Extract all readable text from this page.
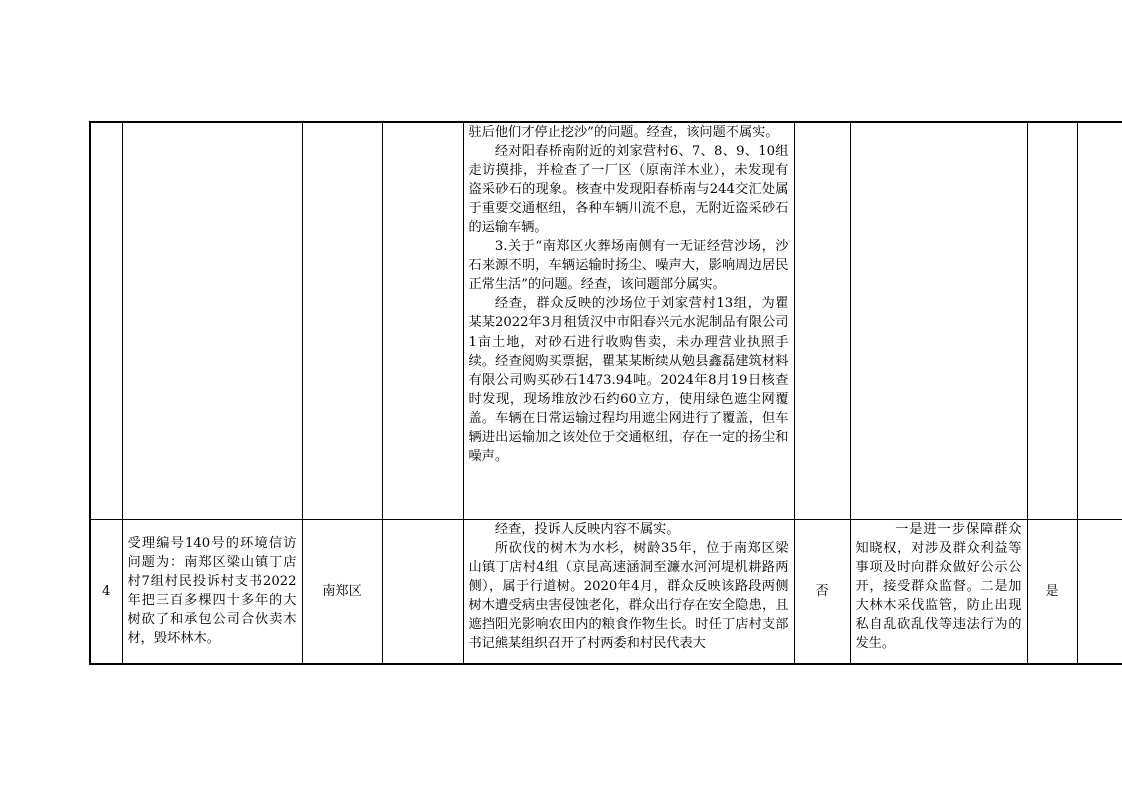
				驻后他们才停止挖沙”的问题。经查，该问题不属实。

经对阳春桥南附近的刘家营村6、7、8、9、10组走访摸排，并检查了一厂区（原南洋木业），未发现有盗采砂石的现象。核查中发现阳春桥南与244交汇处属于重要交通枢纽，各种车辆川流不息，无附近盗采砂石的运输车辆。

3.关于“南郑区火葬场南侧有一无证经营沙场，沙石来源不明，车辆运输时扬尘、噪声大，影响周边居民正常生活”的问题。经查，该问题部分属实。

经查，群众反映的沙场位于刘家营村13组，为瞿某某2022年3月租赁汉中市阳春兴元水泥制品有限公司1亩土地，对砂石进行收购售卖，未办理营业执照手续。经查阅购买票据，瞿某某断续从勉县鑫磊建筑材料有限公司购买砂石1473.94吨。2024年8月19日核查时发现，现场堆放沙石约60立方，使用绿色遮尘网覆盖。车辆在日常运输过程均用遮尘网进行了覆盖，但车辆进出运输加之该处位于交通枢纽，存在一定的扬尘和噪声。				

4	受理编号140号的环境信访问题为：南郑区梁山镇丁店村7组村民投诉村支书2022年把三百多棵四十多年的大树砍了和承包公司合伙卖木材，毁坏林木。	南郑区		经查，投诉人反映内容不属实。

所砍伐的树木为水杉，树龄35年，位于南郑区梁山镇丁店村4组（京昆高速涵洞至濂水河河堤机耕路两侧），属于行道树。2020年4月，群众反映该路段两侧树木遭受病虫害侵蚀老化，群众出行存在安全隐患，且遮挡阳光影响农田内的粮食作物生长。时任丁店村支部书记熊某组织召开了村两委和村民代表大	否	一是进一步保障群众知晓权，对涉及群众利益等事项及时向群众做好公示公开，接受群众监督。二是加大林木采伐监管，防止出现私自乱砍乱伐等违法行为的发生。	是	
